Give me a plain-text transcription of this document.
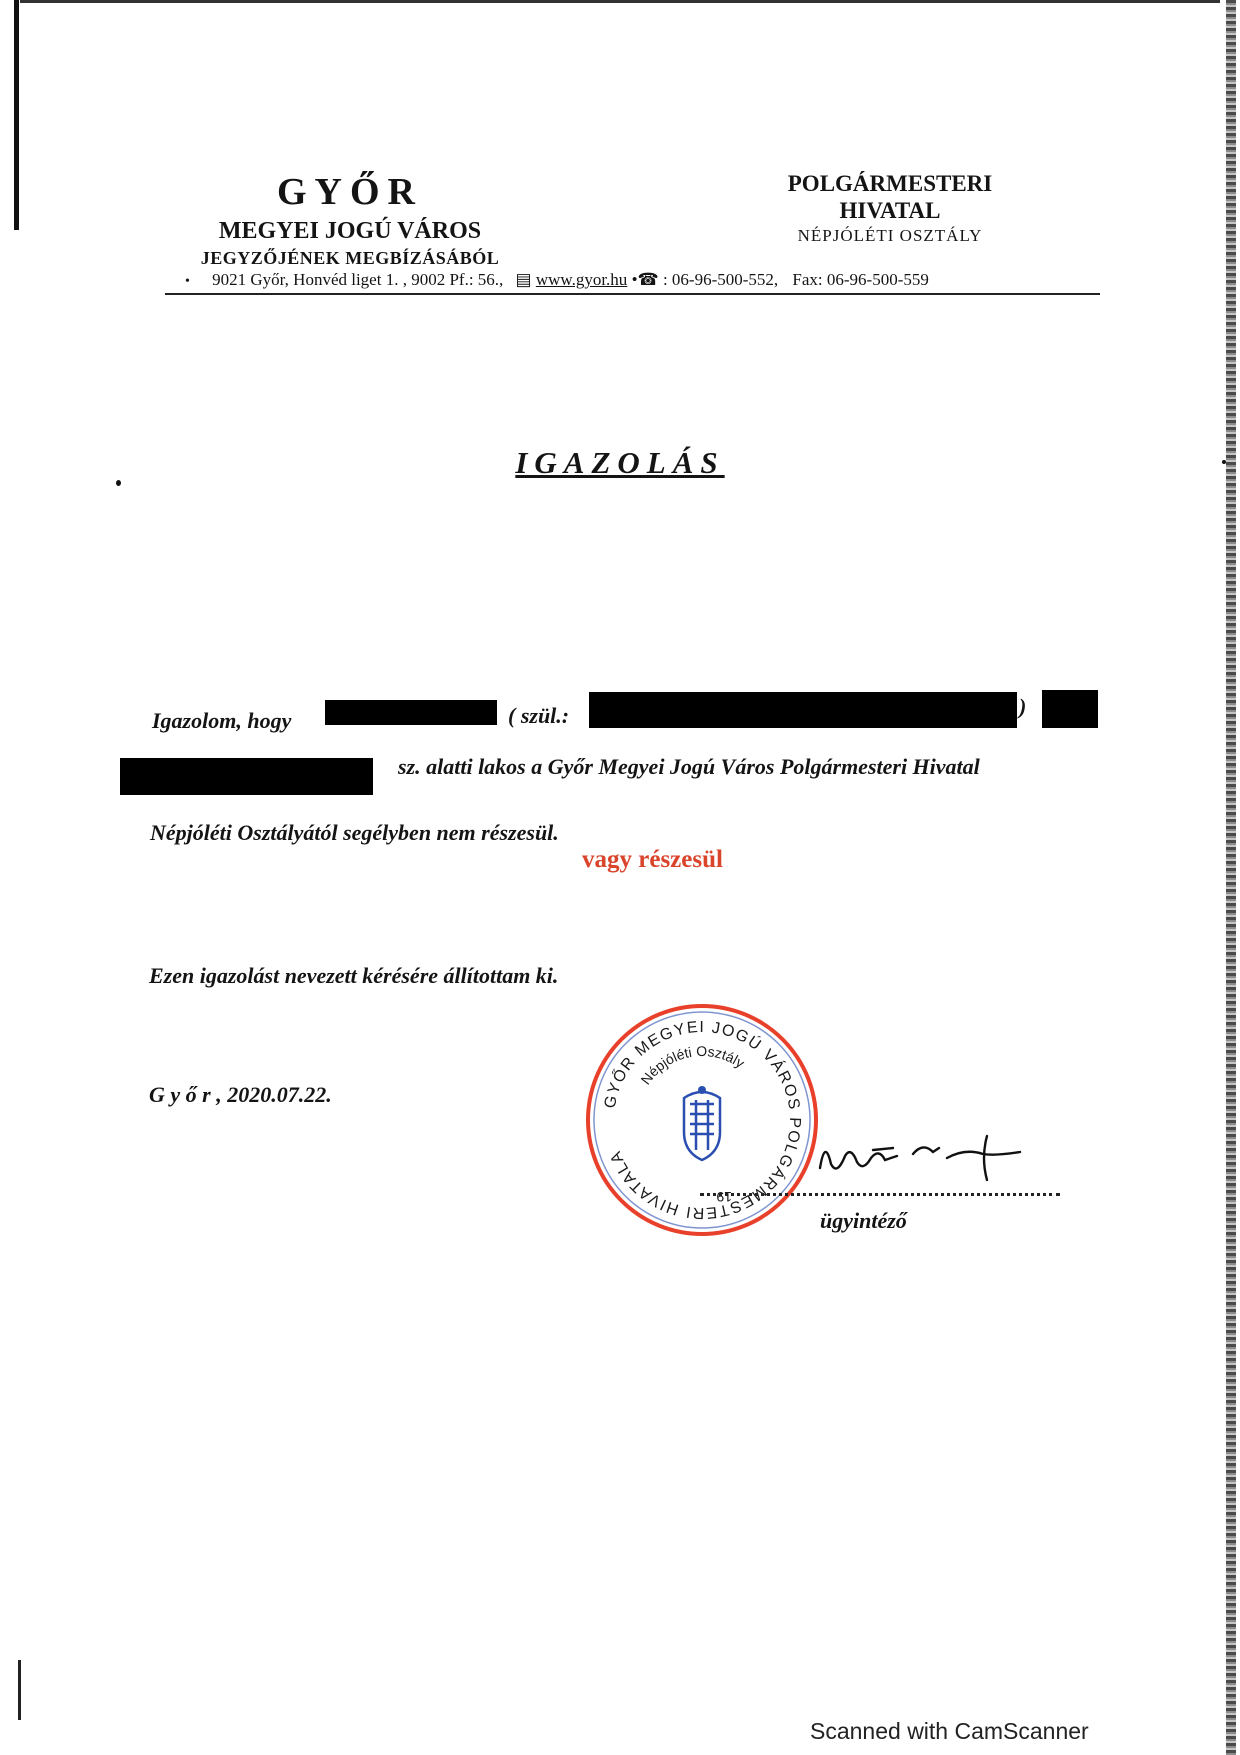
GYŐR
MEGYEI JOGÚ VÁROS
JEGYZŐJÉNEK MEGBÍZÁSÁBÓL
POLGÁRMESTERI
HIVATAL
NÉPJÓLÉTI OSZTÁLY
• 9021 Győr, Honvéd liget 1. , 9002 Pf.: 56., ▤ www.gyor.hu •☎ : 06-96-500-552, Fax: 06-96-500-559
IGAZOLÁS
Igazolom, hogy	( szül.:	)
sz. alatti lakos a Győr Megyei Jogú Város Polgármesteri Hivatal
Népjóléti Osztályától segélyben nem részesül.
vagy részesül
Ezen igazolást nevezett kérésére állítottam ki.
G y ő r , 2020.07.22.	GYŐR MEGYEI JOGÚ VÁROS POLGÁRMESTERI HIVATALA
Népjóléti Osztály
19
ügyintéző
Scanned with CamScanner
